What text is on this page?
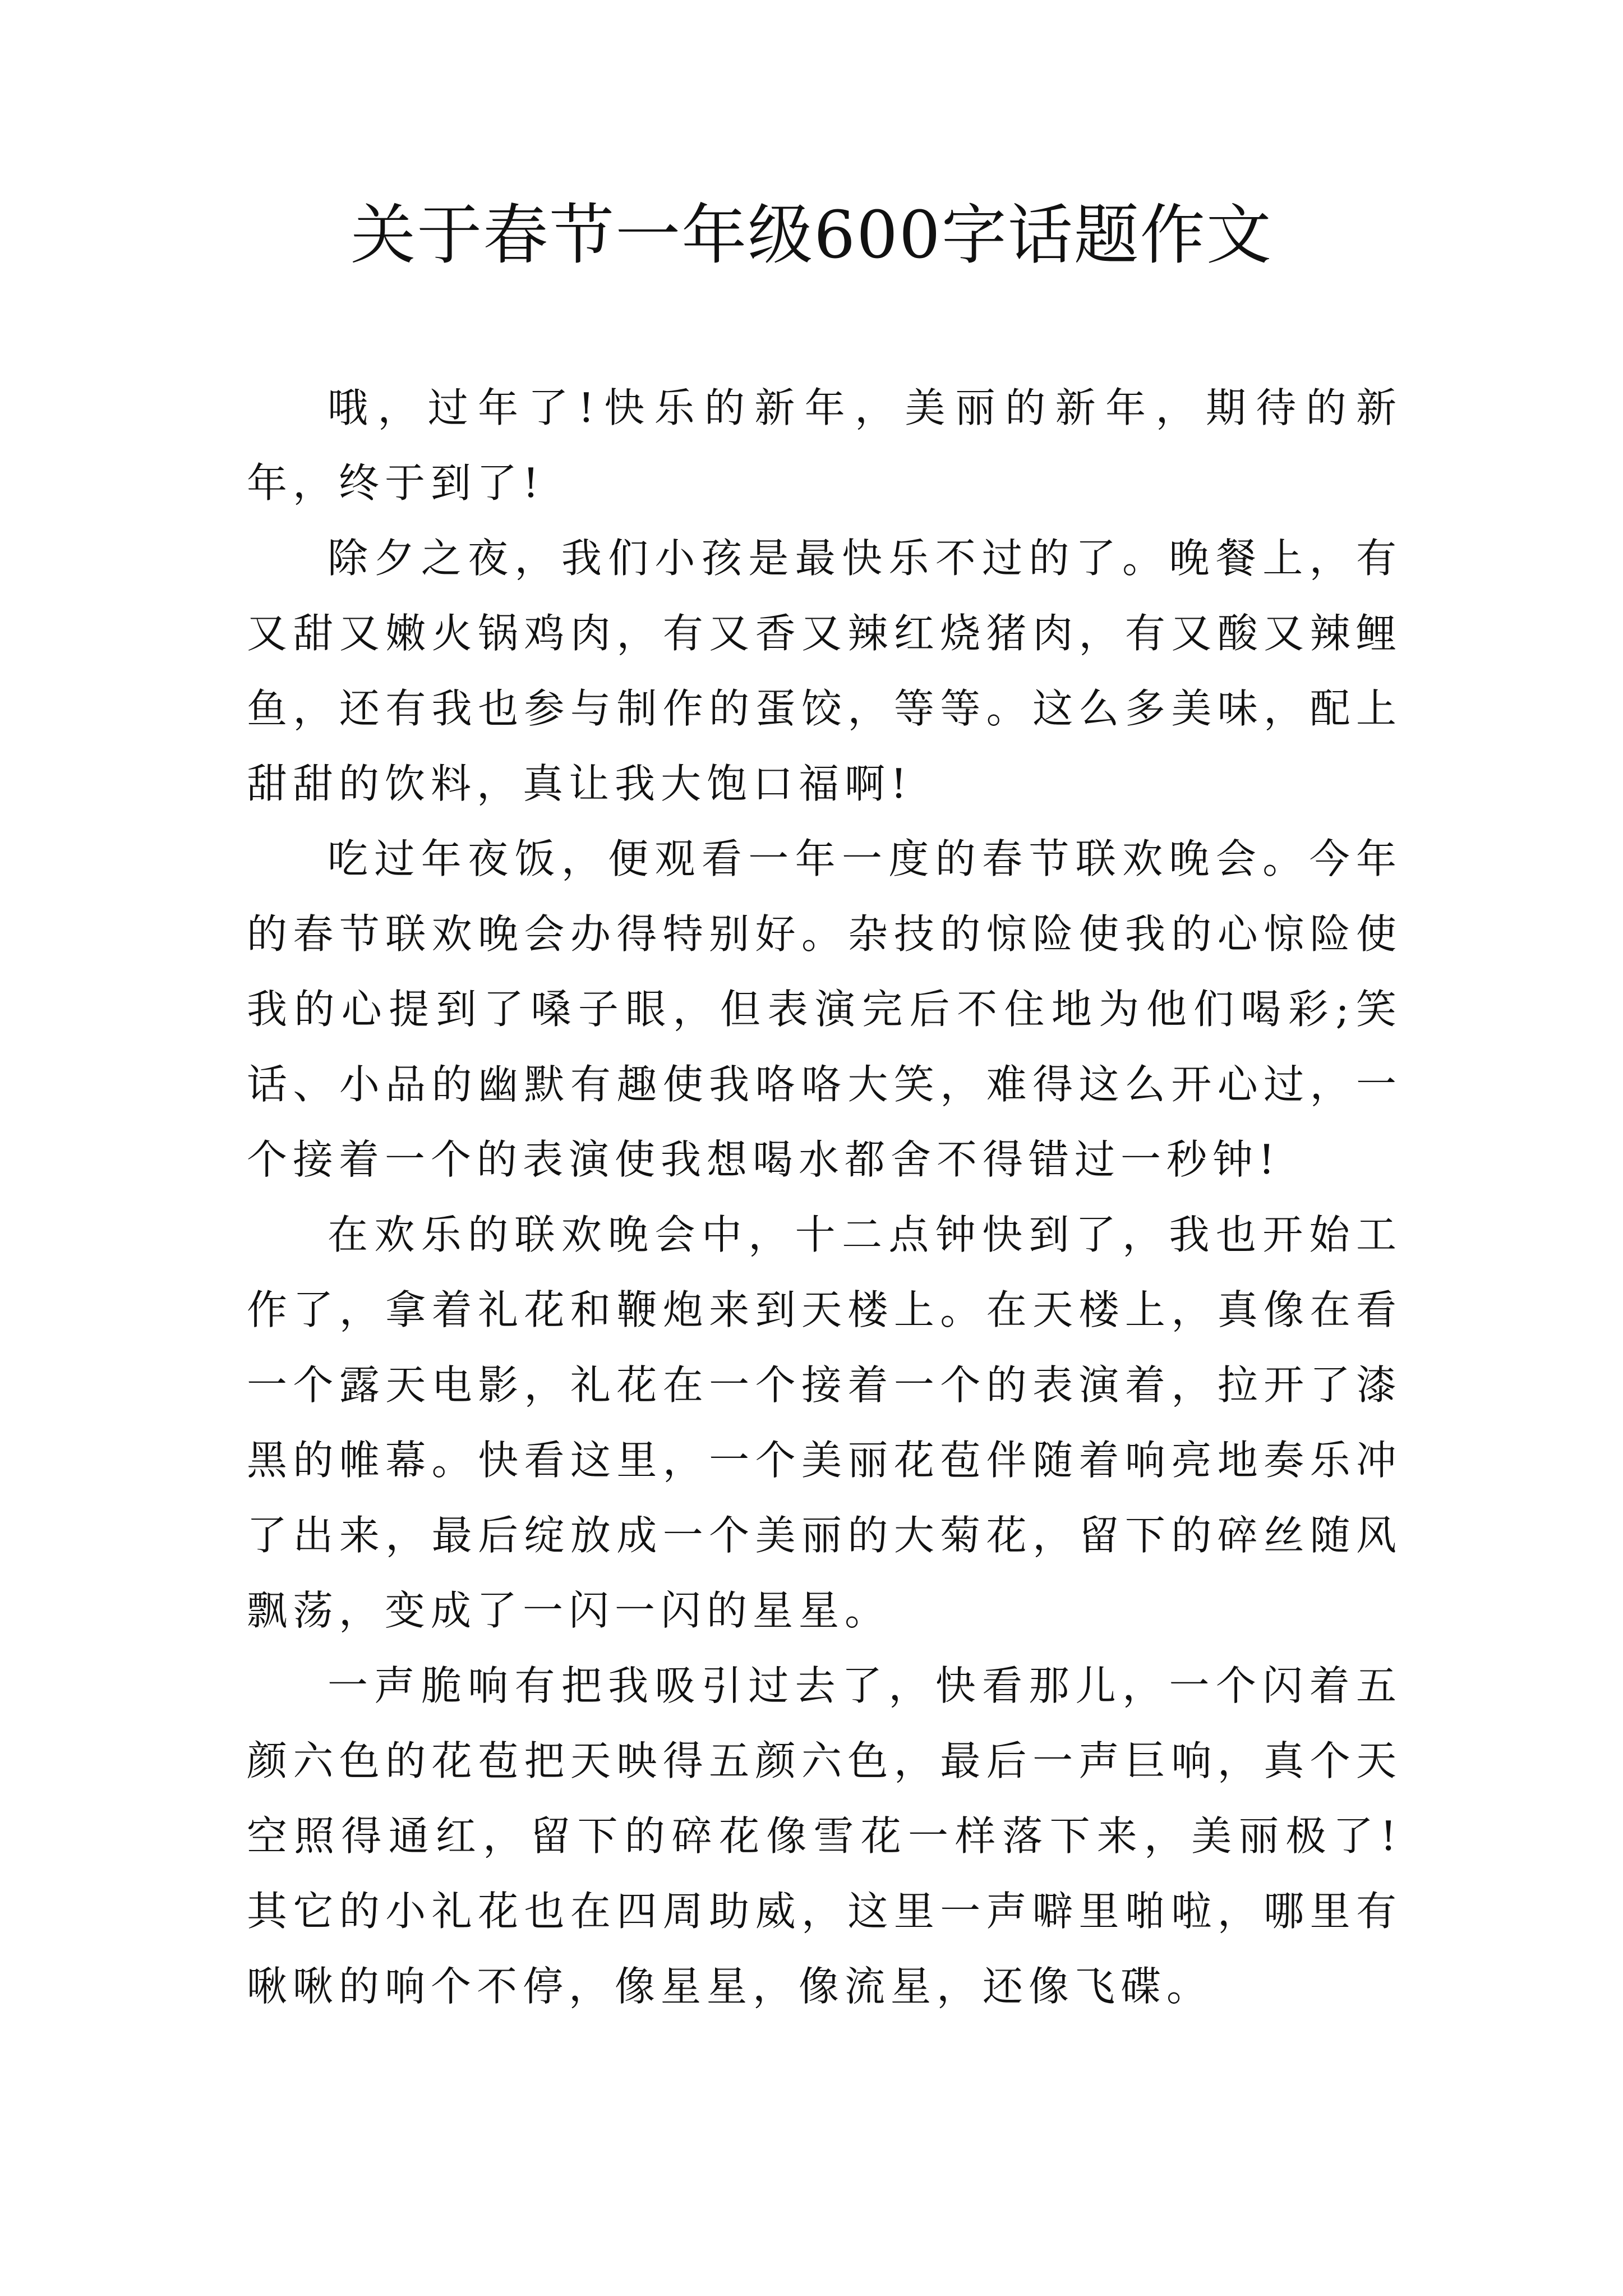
关于春节一年级600字话题作文

哦，过年了!快乐的新年，美丽的新年，期待的新年，终于到了!

除夕之夜，我们小孩是最快乐不过的了。晚餐上，有又甜又嫩火锅鸡肉，有又香又辣红烧猪肉，有又酸又辣鲤鱼，还有我也参与制作的蛋饺，等等。这么多美味，配上甜甜的饮料，真让我大饱口福啊!

吃过年夜饭，便观看一年一度的春节联欢晚会。今年的春节联欢晚会办得特别好。杂技的惊险使我的心惊险使我的心提到了嗓子眼，但表演完后不住地为他们喝彩;笑话、小品的幽默有趣使我咯咯大笑，难得这么开心过，一个接着一个的表演使我想喝水都舍不得错过一秒钟!

在欢乐的联欢晚会中，十二点钟快到了，我也开始工作了，拿着礼花和鞭炮来到天楼上。在天楼上，真像在看一个露天电影，礼花在一个接着一个的表演着，拉开了漆黑的帷幕。快看这里，一个美丽花苞伴随着响亮地奏乐冲了出来，最后绽放成一个美丽的大菊花，留下的碎丝随风飘荡，变成了一闪一闪的星星。

一声脆响有把我吸引过去了，快看那儿，一个闪着五颜六色的花苞把天映得五颜六色，最后一声巨响，真个天空照得通红，留下的碎花像雪花一样落下来，美丽极了!其它的小礼花也在四周助威，这里一声噼里啪啦，哪里有啾啾的响个不停，像星星，像流星，还像飞碟。
